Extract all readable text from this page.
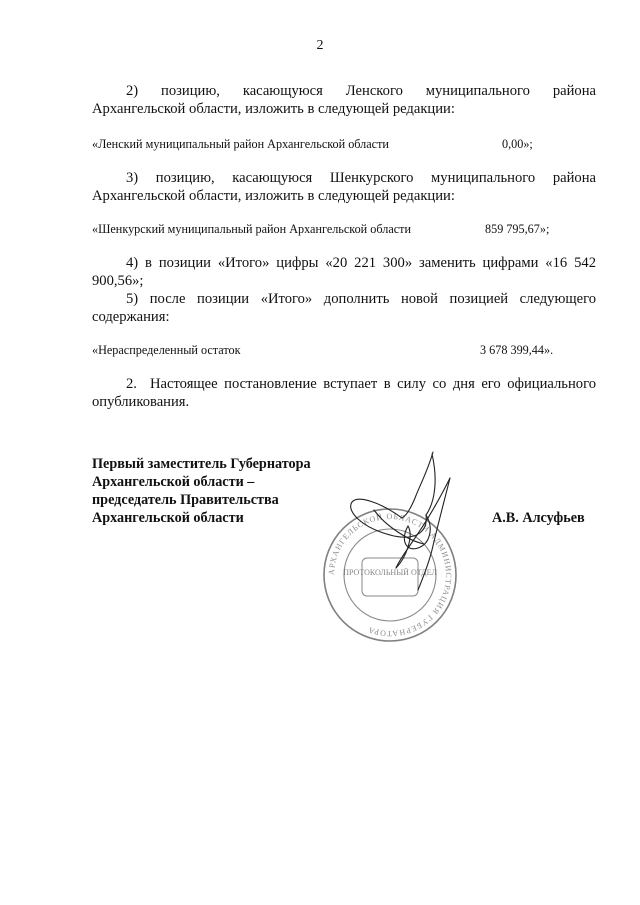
2
2) позицию, касающуюся Ленского муниципального района Архангельской области, изложить в следующей редакции:
«Ленский муниципальный район Архангельской области	0,00»;
3) позицию, касающуюся Шенкурского муниципального района Архангельской области, изложить в следующей редакции:
«Шенкурский муниципальный район Архангельской области	859 795,67»;
4) в позиции «Итого» цифры «20 221 300» заменить цифрами «16 542 900,56»;
5) после позиции «Итого» дополнить новой позицией следующего содержания:
«Нераспределенный остаток	3 678 399,44».
2.  Настоящее постановление вступает в силу со дня его официального опубликования.
Первый заместитель Губернатора
Архангельской области –
председатель Правительства
Архангельской области	А.В. Алсуфьев
АРХАНГЕЛЬСКОЙ ОБЛАСТИ АДМИНИСТРАЦИЯ ГУБЕРНАТОРА
ПРОТОКОЛЬНЫЙ ОТДЕЛ
